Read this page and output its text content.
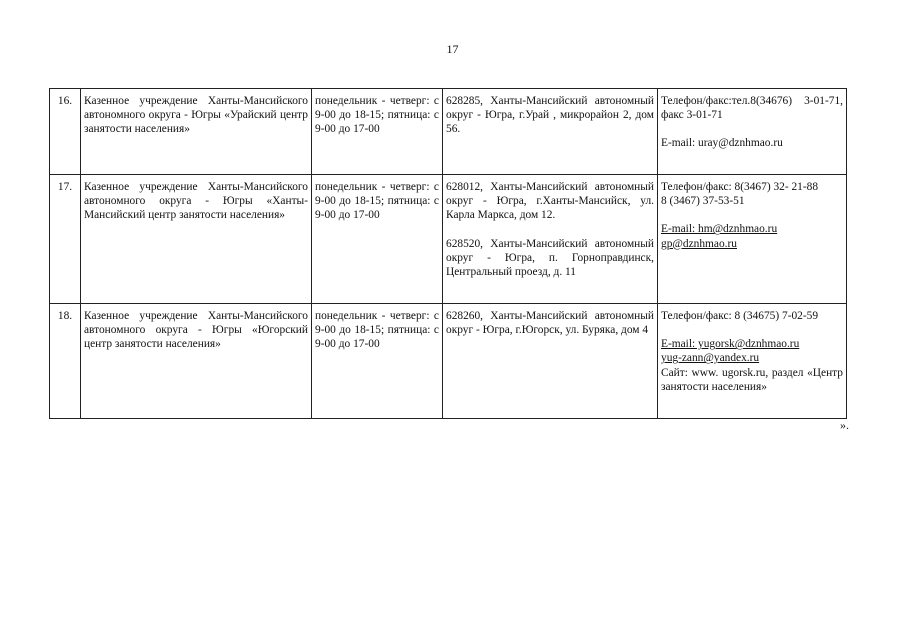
17
16.	Казенное учреждение Ханты-Мансийского автономного округа - Югры «Урайский центр занятости населения»	понедельник - четверг: с 9-00 до 18-15; пятница: с 9-00 до 17-00	628285, Ханты-Мансийский автономный округ - Югра, г.Урай , микрорайон 2, дом 56.	Телефон/факс:тел.8(34676) 3-01-71, факс 3-01-71
E-mail: uray@dznhmao.ru

17.	Казенное учреждение Ханты-Мансийского автономного округа - Югры «Ханты-Мансийский центр занятости населения»	понедельник - четверг: с 9-00 до 18-15; пятница: с 9-00 до 17-00	628012, Ханты-Мансийский автономный округ - Югра, г.Ханты-Мансийск, ул. Карла Маркса, дом 12.
628520, Ханты-Мансийский автономный округ - Югра, п. Горноправдинск, Центральный проезд, д. 11	Телефон/факс: 8(3467) 32- 21-88
8 (3467) 37-53-51
E-mail: hm@dznhmao.ru
gp@dznhmao.ru

18.	Казенное учреждение Ханты-Мансийского автономного округа - Югры «Югорский центр занятости населения»	понедельник - четверг: с 9-00 до 18-15; пятница: с 9-00 до 17-00	628260, Ханты-Мансийский автономный округ - Югра, г.Югорск, ул. Буряка, дом 4	Телефон/факс: 8 (34675) 7-02-59
E-mail: yugorsk@dznhmao.ru
yug-zann@yandex.ru
Сайт: www. ugorsk.ru, раздел «Центр занятости населения»
».
